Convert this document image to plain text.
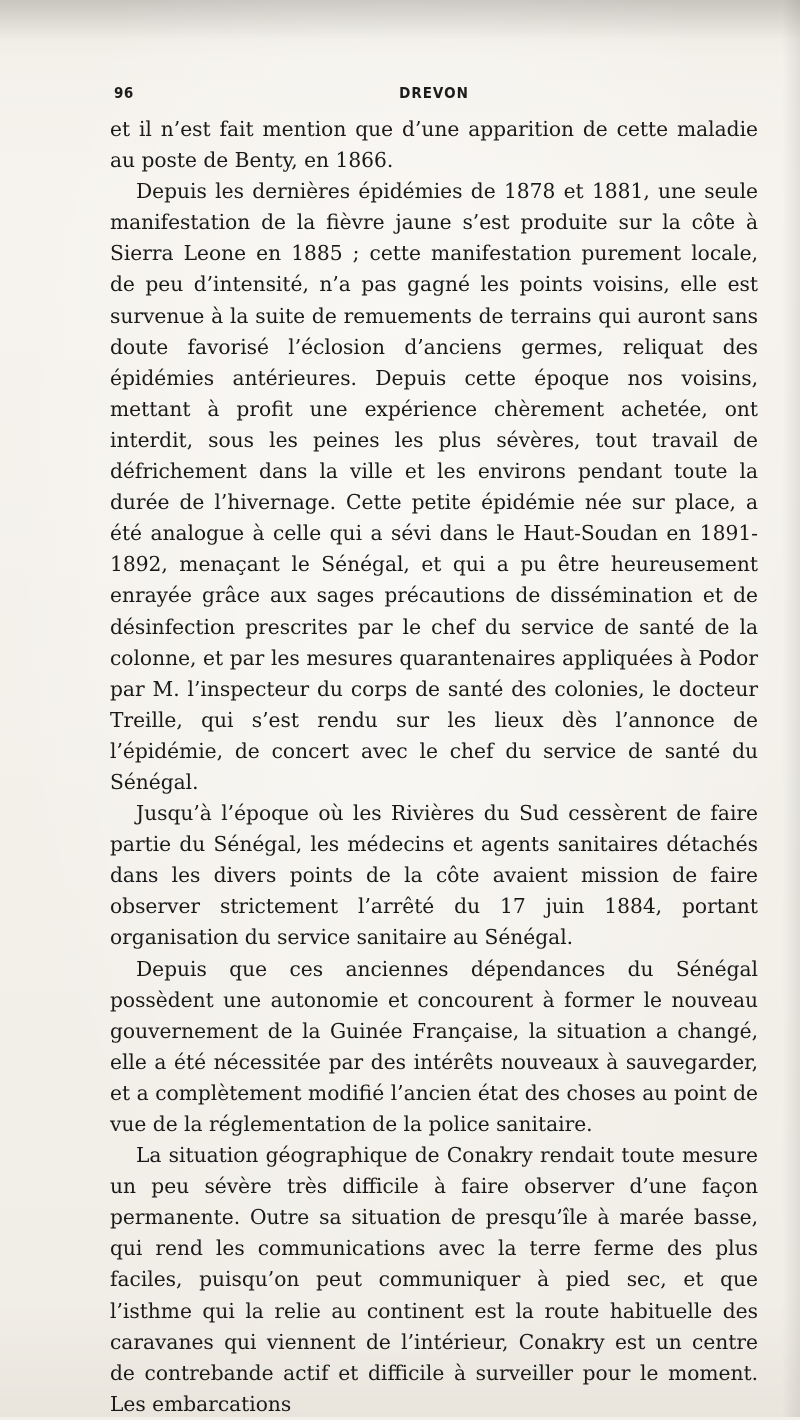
96	DREVON

et il n’est fait mention que d’une apparition de cette maladie au poste de Benty, en 1866.

Depuis les dernières épidémies de 1878 et 1881, une seule manifestation de la fièvre jaune s’est produite sur la côte à Sierra Leone en 1885 ; cette manifestation purement locale, de peu d’intensité, n’a pas gagné les points voisins, elle est survenue à la suite de remuements de terrains qui auront sans doute favorisé l’éclosion d’anciens germes, reliquat des épidémies antérieures. Depuis cette époque nos voisins, mettant à profit une expérience chèrement achetée, ont interdit, sous les peines les plus sévères, tout travail de défrichement dans la ville et les environs pendant toute la durée de l’hivernage. Cette petite épidémie née sur place, a été analogue à celle qui a sévi dans le Haut-Soudan en 1891-1892, menaçant le Sénégal, et qui a pu être heureusement enrayée grâce aux sages précautions de dissémination et de désinfection prescrites par le chef du service de santé de la colonne, et par les mesures quarantenaires appliquées à Podor par M. l’inspecteur du corps de santé des colonies, le docteur Treille, qui s’est rendu sur les lieux dès l’annonce de l’épidémie, de concert avec le chef du service de santé du Sénégal.

Jusqu’à l’époque où les Rivières du Sud cessèrent de faire partie du Sénégal, les médecins et agents sanitaires détachés dans les divers points de la côte avaient mission de faire observer strictement l’arrêté du 17 juin 1884, portant organisation du service sanitaire au Sénégal.

Depuis que ces anciennes dépendances du Sénégal possèdent une autonomie et concourent à former le nouveau gouvernement de la Guinée Française, la situation a changé, elle a été nécessitée par des intérêts nouveaux à sauvegarder, et a complètement modifié l’ancien état des choses au point de vue de la réglementation de la police sanitaire.

La situation géographique de Conakry rendait toute mesure un peu sévère très difficile à faire observer d’une façon permanente. Outre sa situation de presqu’île à marée basse, qui rend les communications avec la terre ferme des plus faciles, puisqu’on peut communiquer à pied sec, et que l’isthme qui la relie au continent est la route habituelle des caravanes qui viennent de l’intérieur, Conakry est un centre de contrebande actif et difficile à surveiller pour le moment. Les embarcations
